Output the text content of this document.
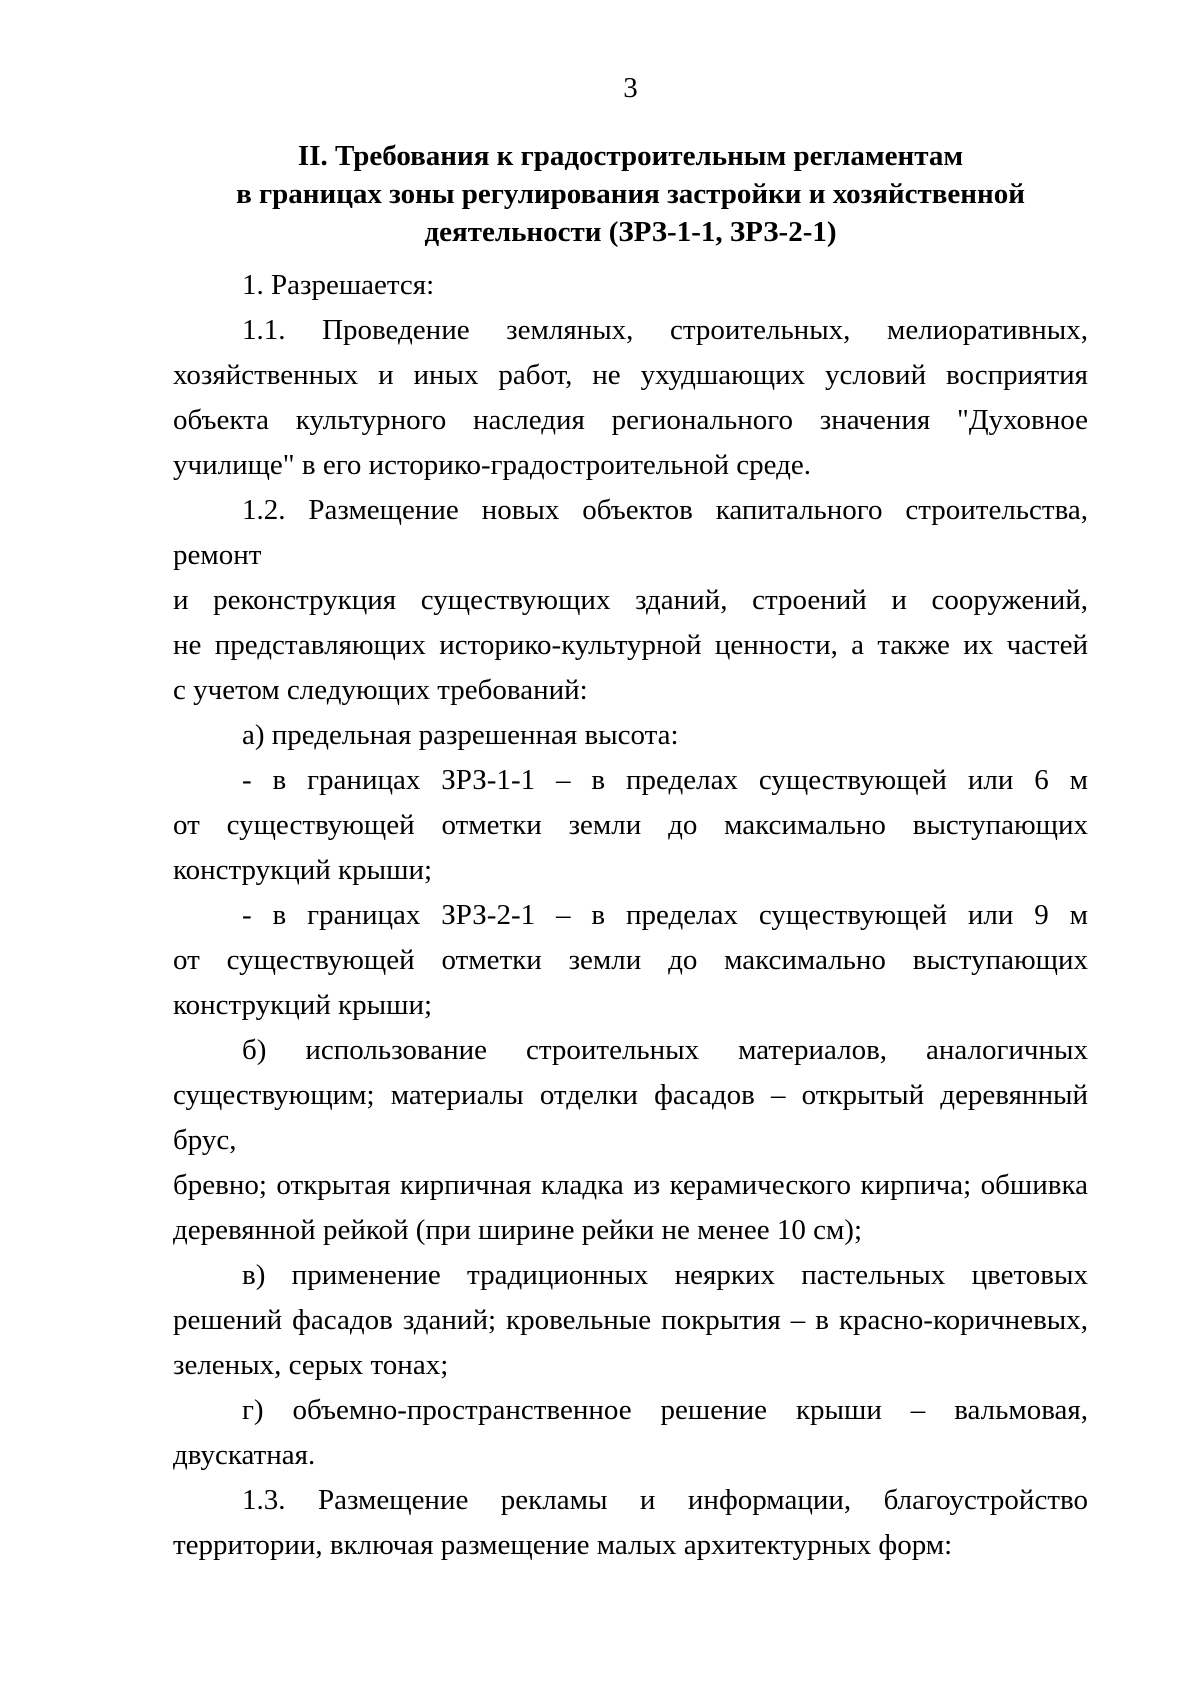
3
II. Требования к градостроительным регламентам
в границах зоны регулирования застройки и хозяйственной
деятельности (ЗРЗ-1-1, ЗРЗ-2-1)
1. Разрешается:
1.1. Проведение земляных, строительных, мелиоративных,
хозяйственных и иных работ, не ухудшающих условий восприятия
объекта культурного наследия регионального значения "Духовное
училище" в его историко-градостроительной среде.
1.2. Размещение новых объектов капитального строительства, ремонт
и реконструкция существующих зданий, строений и сооружений,
не представляющих историко-культурной ценности, а также их частей
с учетом следующих требований:
а) предельная разрешенная высота:
- в границах ЗРЗ-1-1 – в пределах существующей или 6 м
от существующей отметки земли до максимально выступающих
конструкций крыши;
- в границах ЗРЗ-2-1 – в пределах существующей или 9 м
от существующей отметки земли до максимально выступающих
конструкций крыши;
б) использование строительных материалов, аналогичных
существующим; материалы отделки фасадов – открытый деревянный брус,
бревно; открытая кирпичная кладка из керамического кирпича; обшивка
деревянной рейкой (при ширине рейки не менее 10 см);
в) применение традиционных неярких пастельных цветовых
решений фасадов зданий; кровельные покрытия – в красно-коричневых,
зеленых, серых тонах;
г) объемно-пространственное решение крыши – вальмовая,
двускатная.
1.3. Размещение рекламы и информации, благоустройство
территории, включая размещение малых архитектурных форм:
